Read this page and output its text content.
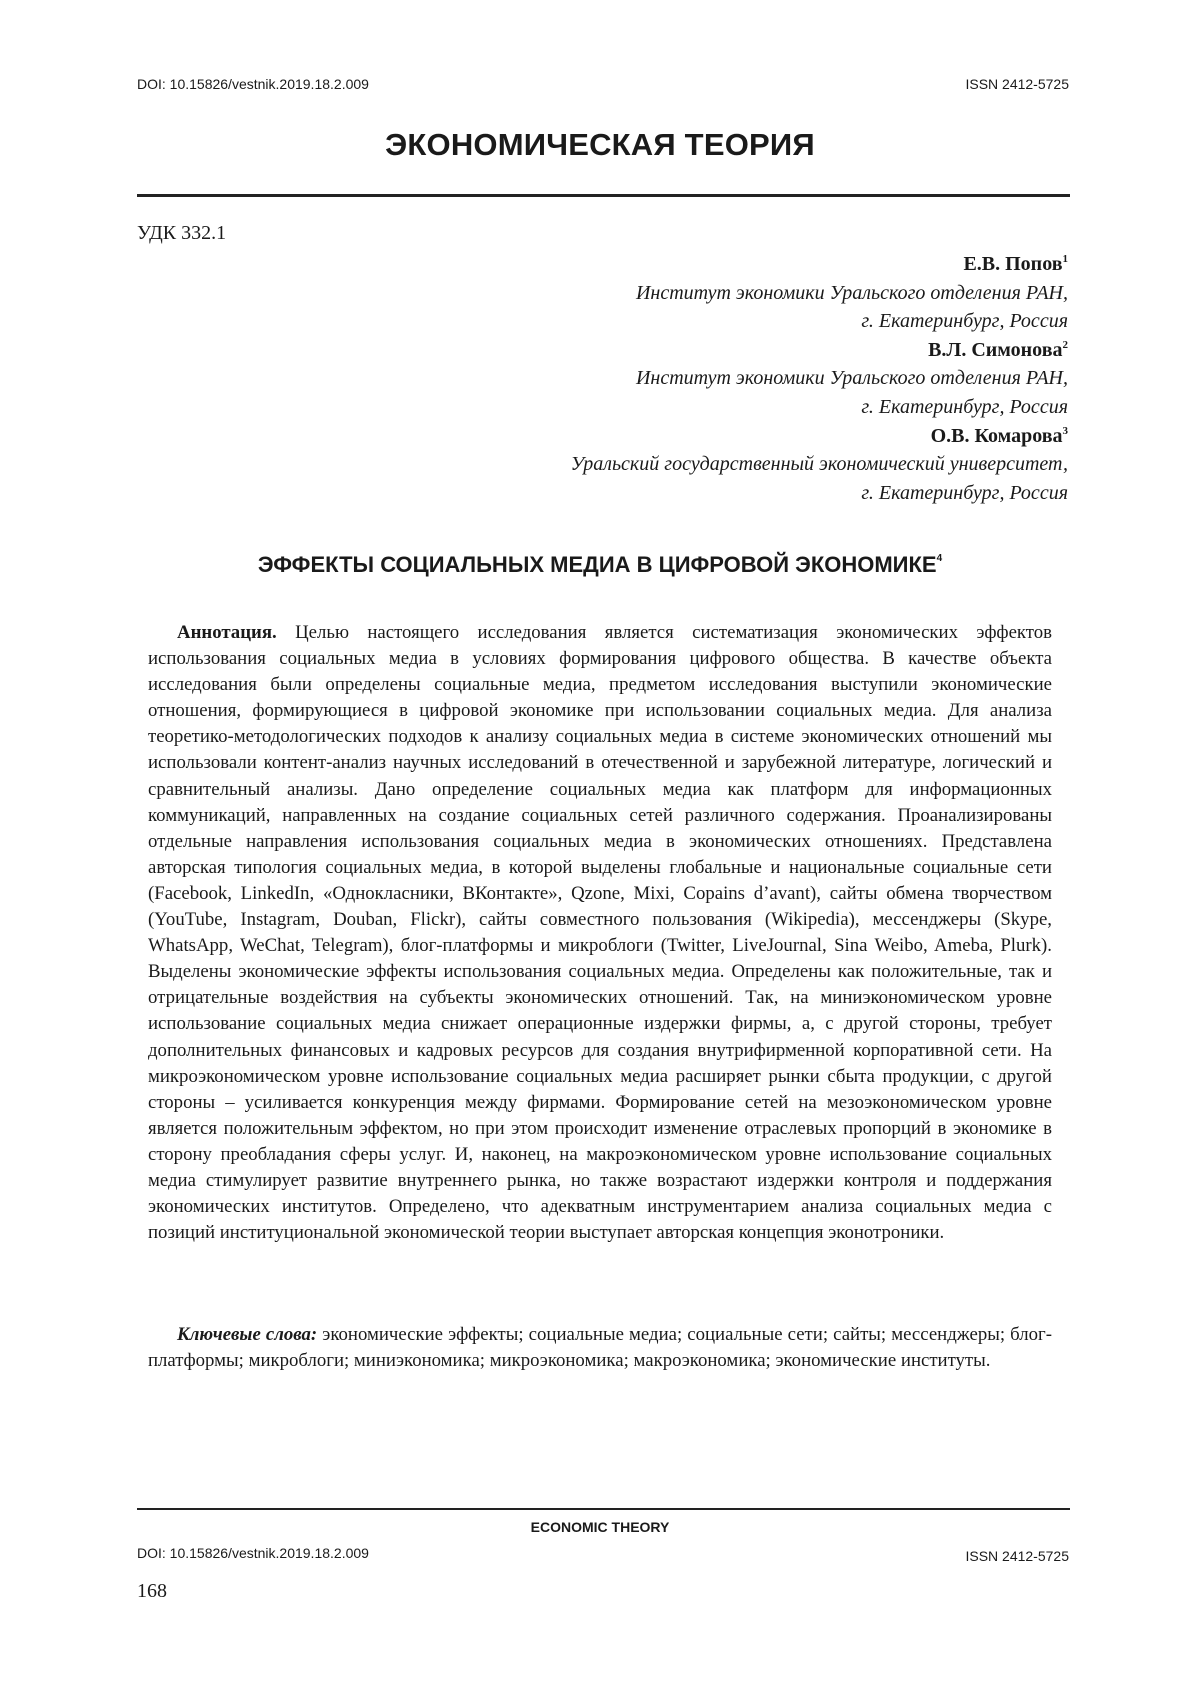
DOI: 10.15826/vestnik.2019.18.2.009	ISSN 2412-5725
ЭКОНОМИЧЕСКАЯ ТЕОРИЯ
УДК 332.1
Е.В. Попов$^1$
Институт экономики Уральского отделения РАН,
г. Екатеринбург, Россия
В.Л. Симонова$^2$
Институт экономики Уральского отделения РАН,
г. Екатеринбург, Россия
О.В. Комарова$^3$
Уральский государственный экономический университет,
г. Екатеринбург, Россия
ЭФФЕКТЫ СОЦИАЛЬНЫХ МЕДИА В ЦИФРОВОЙ ЭКОНОМИКЕ$^4$

Аннотация. Целью настоящего исследования является систематизация экономических эффектов использования социальных медиа в условиях формирования цифрового общества. В качестве объекта исследования были определены социальные медиа, предметом исследования выступили экономические отношения, формирующиеся в цифровой экономике при использовании социальных медиа. Для анализа теоретико-методологических подходов к анализу социальных медиа в системе экономических отношений мы использовали контент-анализ научных исследований в отечественной и зарубежной литературе, логический и сравнительный анализы. Дано определение социальных медиа как платформ для информационных коммуникаций, направленных на создание социальных сетей различного содержания. Проанализированы отдельные направления использования социальных медиа в экономических отношениях. Представлена авторская типология социальных медиа, в которой выделены глобальные и национальные социальные сети (Facebook, LinkedIn, «Однокласники, ВКонтакте», Qzone, Mixi, Copains d’avant), сайты обмена творчеством (YouTube, Instagram, Douban, Flickr), сайты совместного пользования (Wikipedia), мессенджеры (Skype, WhatsApp, WeChat, Telegram), блог-платформы и микроблоги (Twitter, LiveJournal, Sina Weibo, Ameba, Plurk). Выделены экономические эффекты использования социальных медиа. Определены как положительные, так и отрицательные воздействия на субъекты экономических отношений. Так, на миниэкономическом уровне использование социальных медиа снижает операционные издержки фирмы, а, с другой стороны, требует дополнительных финансовых и кадровых ресурсов для создания внутрифирменной корпоративной сети. На микроэкономическом уровне использование социальных медиа расширяет рынки сбыта продукции, с другой стороны – усиливается конкуренция между фирмами. Формирование сетей на мезоэкономическом уровне является положительным эффектом, но при этом происходит изменение отраслевых пропорций в экономике в сторону преобладания сферы услуг. И, наконец, на макроэкономическом уровне использование социальных медиа стимулирует развитие внутреннего рынка, но также возрастают издержки контроля и поддержания экономических институтов. Определено, что адекватным инструментарием анализа социальных медиа с позиций институциональной экономической теории выступает авторская концепция эконотроники.

Ключевые слова: экономические эффекты; социальные медиа; социальные сети; сайты; мессенджеры; блог-платформы; микроблоги; миниэкономика; микроэкономика; макроэкономика; экономические институты.

ECONOMIC THEORY
DOI: 10.15826/vestnik.2019.18.2.009	ISSN 2412-5725
168
